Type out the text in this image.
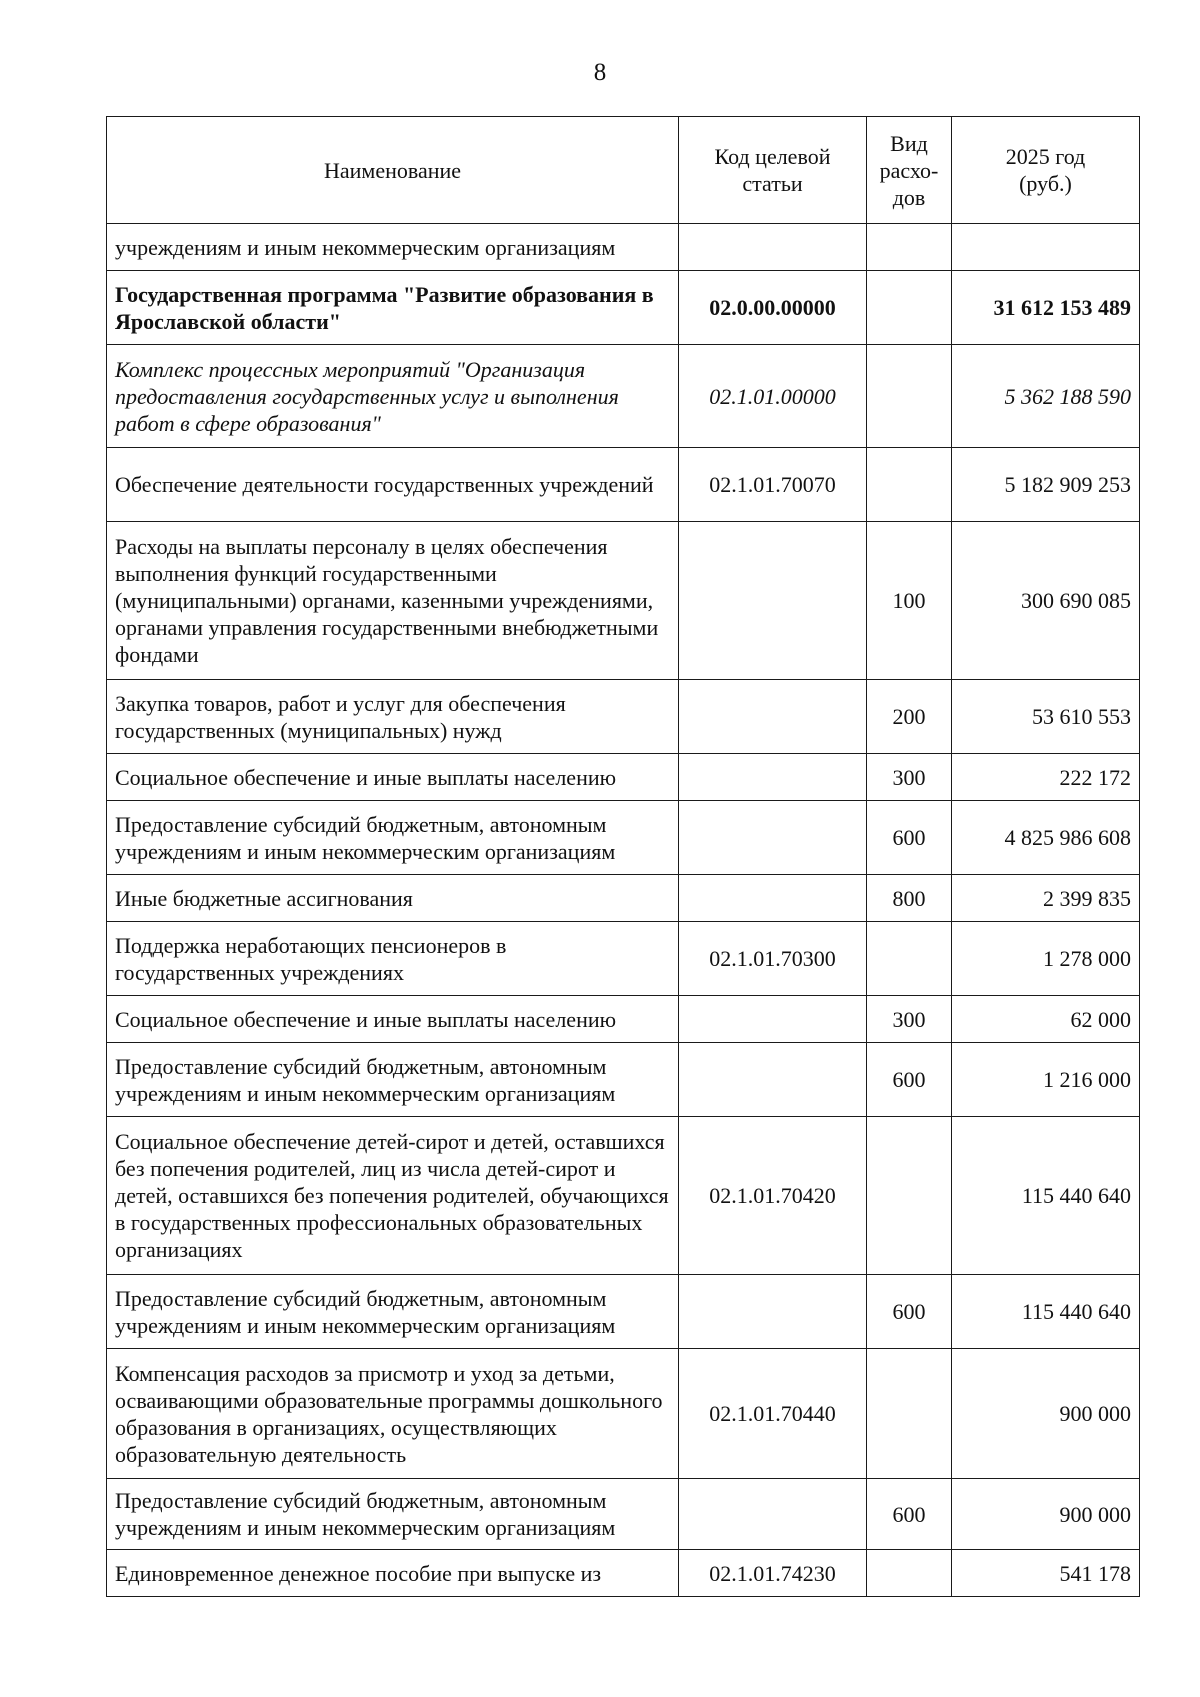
8
Наименование	Код целевой статьи	Вид расхо-дов	2025 год (руб.)
учреждениям и иным некоммерческим организациям			
Государственная программа "Развитие образования в Ярославской области"	02.0.00.00000		31 612 153 489
Комплекс процессных мероприятий "Организация предоставления государственных услуг и выполнения работ в сфере образования"	02.1.01.00000		5 362 188 590
Обеспечение деятельности государственных учреждений	02.1.01.70070		5 182 909 253
Расходы на выплаты персоналу в целях обеспечения выполнения функций государственными (муниципальными) органами, казенными учреждениями, органами управления государственными внебюджетными фондами		100	300 690 085
Закупка товаров, работ и услуг для обеспечения государственных (муниципальных) нужд		200	53 610 553
Социальное обеспечение и иные выплаты населению		300	222 172
Предоставление субсидий бюджетным, автономным учреждениям и иным некоммерческим организациям		600	4 825 986 608
Иные бюджетные ассигнования		800	2 399 835
Поддержка неработающих пенсионеров в государственных учреждениях	02.1.01.70300		1 278 000
Социальное обеспечение и иные выплаты населению		300	62 000
Предоставление субсидий бюджетным, автономным учреждениям и иным некоммерческим организациям		600	1 216 000
Социальное обеспечение детей-сирот и детей, оставшихся без попечения родителей, лиц из числа детей-сирот и детей, оставшихся без попечения родителей, обучающихся в государственных профессиональных образовательных организациях	02.1.01.70420		115 440 640
Предоставление субсидий бюджетным, автономным учреждениям и иным некоммерческим организациям		600	115 440 640
Компенсация расходов за присмотр и уход за детьми, осваивающими образовательные программы дошкольного образования в организациях, осуществляющих образовательную деятельность	02.1.01.70440		900 000
Предоставление субсидий бюджетным, автономным учреждениям и иным некоммерческим организациям		600	900 000
Единовременное денежное пособие при выпуске из	02.1.01.74230		541 178
